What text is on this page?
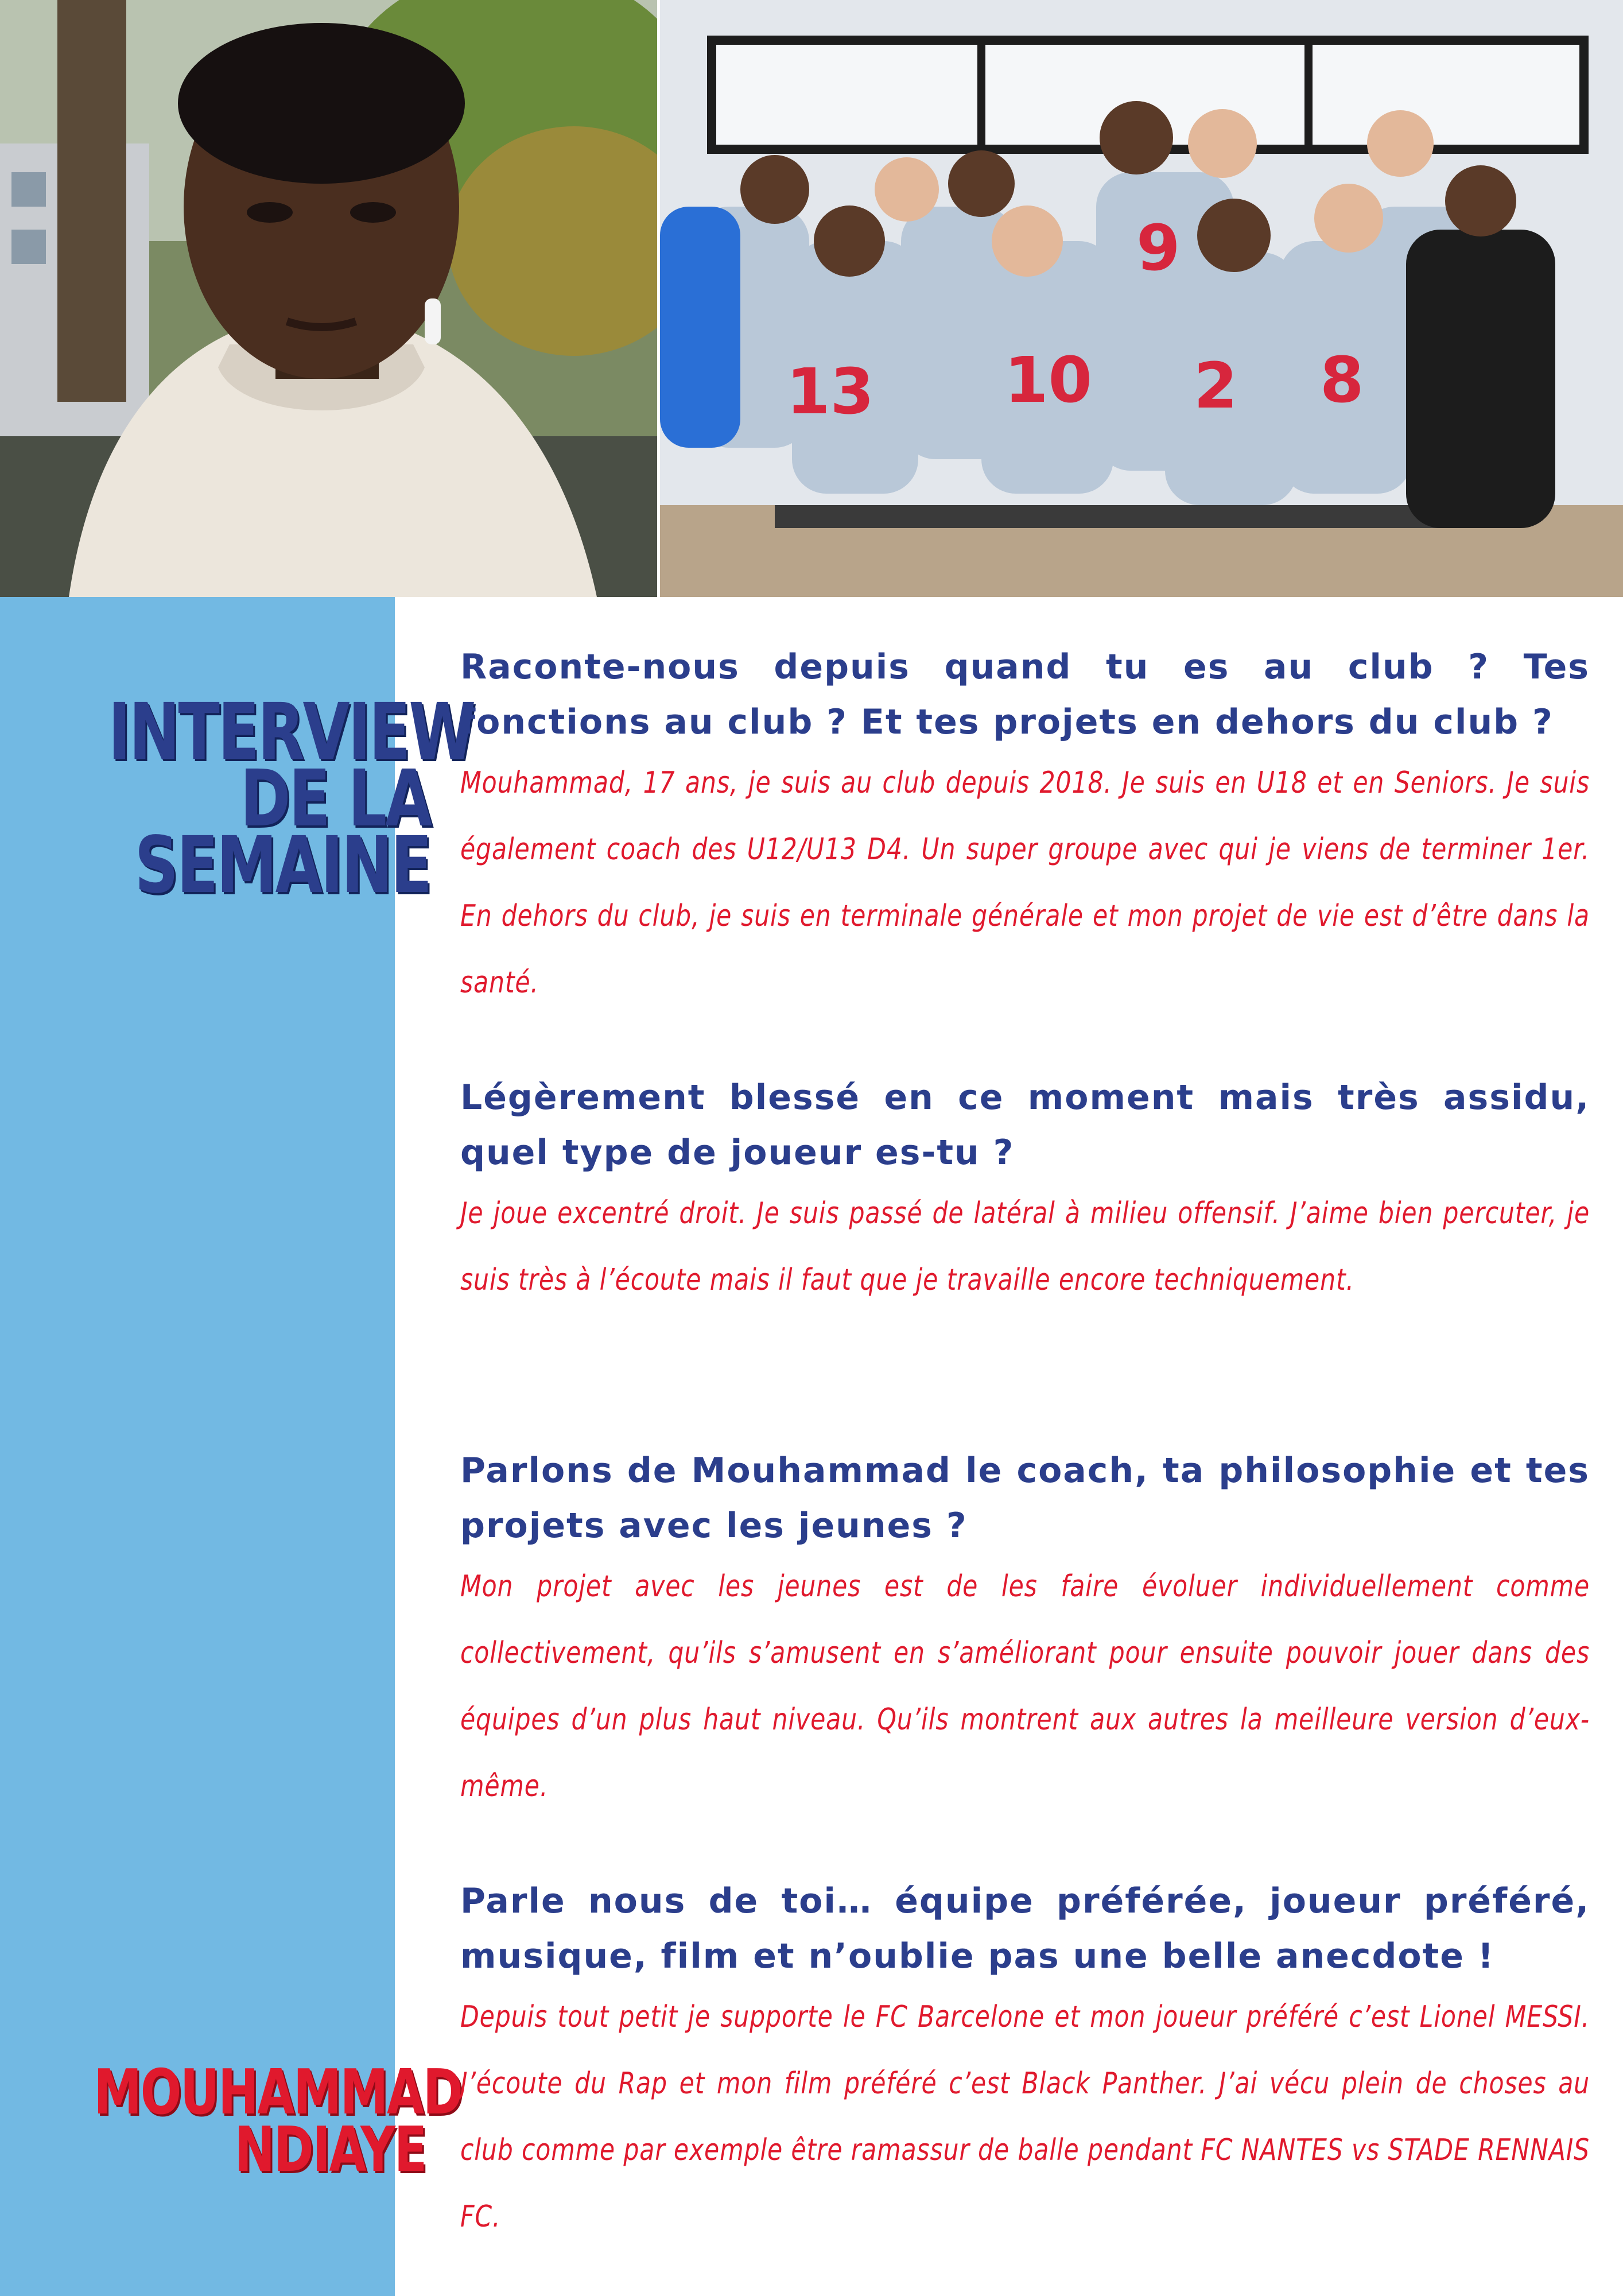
13 10 2 8
9
INTERVIEW
DE LA
SEMAINE
MOUHAMMAD
NDIAYE

Raconte-nous depuis quand tu es au club ? Tes fonctions au club ? Et tes projets en dehors du club ?

Mouhammad, 17 ans, je suis au club depuis 2018. Je suis en U18 et en Seniors. Je suis également coach des U12/U13 D4. Un super groupe avec qui je viens de terminer 1er. En dehors du club, je suis en terminale générale et mon projet de vie est d’être dans la santé.

Légèrement blessé en ce moment mais très assidu, quel type de joueur es-tu ?

Je joue excentré droit. Je suis passé de latéral à milieu offensif. J’aime bien percuter, je suis très à l’écoute mais il faut que je travaille encore techniquement.

Parlons de Mouhammad le coach, ta philosophie et tes projets avec les jeunes ?

Mon projet avec les jeunes est de les faire évoluer individuellement comme collectivement, qu’ils s’amusent en s’améliorant pour ensuite pouvoir jouer dans des équipes d’un plus haut niveau. Qu’ils montrent aux autres la meilleure version d’eux-même.

Parle nous de toi… équipe préférée, joueur préféré, musique, film et n’oublie pas une belle anecdote !

Depuis tout petit je supporte le FC Barcelone et mon joueur préféré c’est Lionel MESSI. J’écoute du Rap et mon film préféré c’est Black Panther. J’ai vécu plein de choses au club comme par exemple être ramassur de balle pendant FC NANTES vs STADE RENNAIS FC.
